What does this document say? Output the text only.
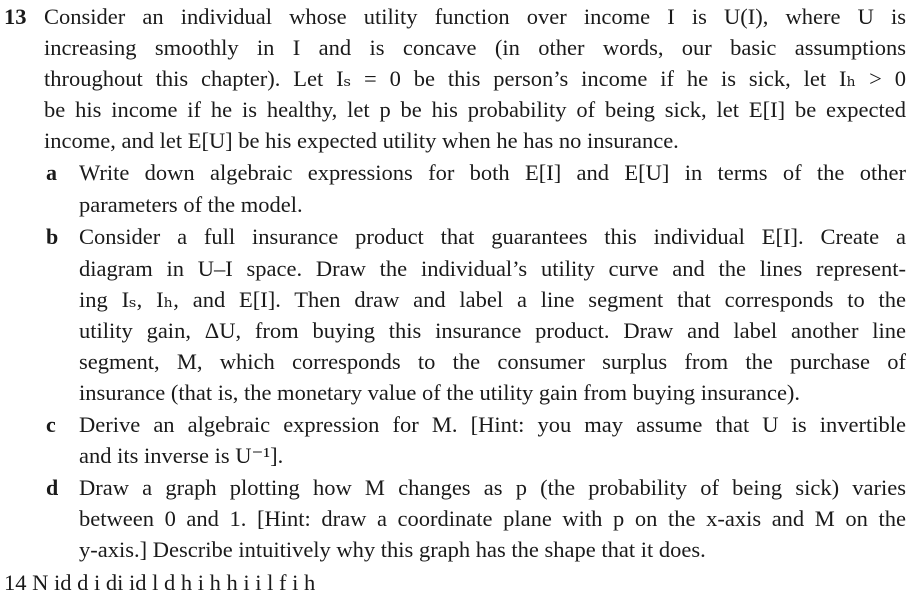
13 Consider an individual whose utility function over income I is U(I), where U is
increasing smoothly in I and is concave (in other words, our basic assumptions
throughout this chapter). Let Iₛ = 0 be this person’s income if he is sick, let Iₕ > 0
be his income if he is healthy, let p be his probability of being sick, let E[I] be expected
income, and let E[U] be his expected utility when he has no insurance.
a Write down algebraic expressions for both E[I] and E[U] in terms of the other
parameters of the model.
b Consider a full insurance product that guarantees this individual E[I]. Create a
diagram in U–I space. Draw the individual’s utility curve and the lines represent-
ing Iₛ, Iₕ, and E[I]. Then draw and label a line segment that corresponds to the
utility gain, ΔU, from buying this insurance product. Draw and label another line
segment, M, which corresponds to the consumer surplus from the purchase of
insurance (that is, the monetary value of the utility gain from buying insurance).
c Derive an algebraic expression for M. [Hint: you may assume that U is invertible
and its inverse is U⁻¹].
d Draw a graph plotting how M changes as p (the probability of being sick) varies
between 0 and 1. [Hint: draw a coordinate plane with p on the x-axis and M on the
y-axis.] Describe intuitively why this graph has the shape that it does.
14 N id d i di id l d h i h h i i l f i h
